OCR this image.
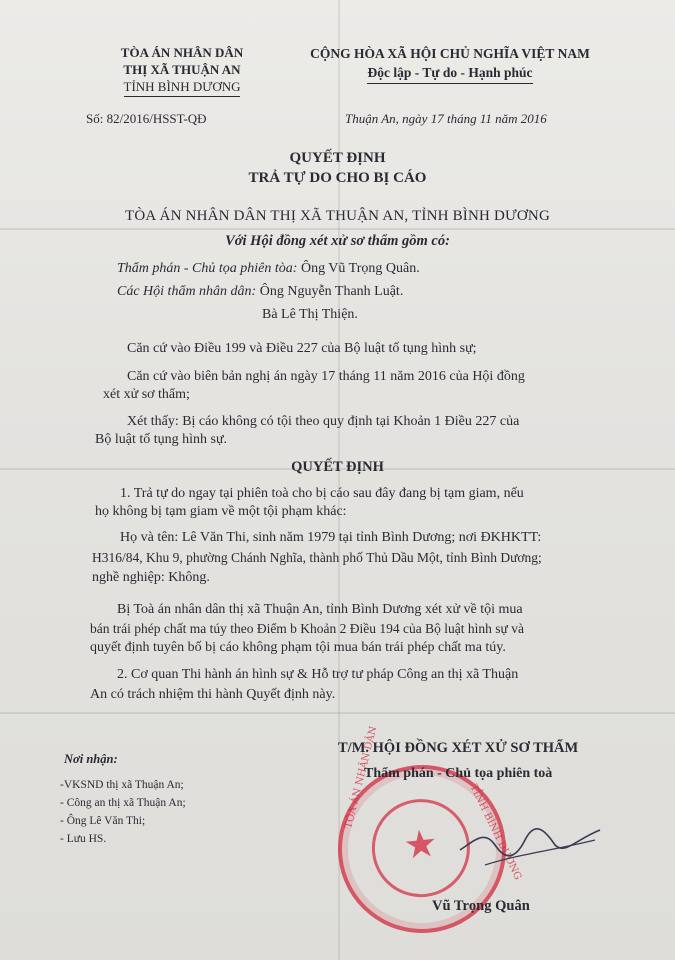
TÒA ÁN NHÂN DÂN
THỊ XÃ THUẬN AN
TỈNH BÌNH DƯƠNG
CỘNG HÒA XÃ HỘI CHỦ NGHĨA VIỆT NAM
Độc lập - Tự do - Hạnh phúc
Số: 82/2016/HSST-QĐ	Thuận An, ngày 17 tháng 11 năm 2016
QUYẾT ĐỊNH
TRẢ TỰ DO CHO BỊ CÁO
TÒA ÁN NHÂN DÂN THỊ XÃ THUẬN AN, TỈNH BÌNH DƯƠNG
Với Hội đồng xét xử sơ thẩm gồm có:
Thẩm phán - Chủ tọa phiên tòa: Ông Vũ Trọng Quân.
Các Hội thẩm nhân dân: Ông Nguyễn Thanh Luật.
Bà Lê Thị Thiện.
Căn cứ vào Điều 199 và Điều 227 của Bộ luật tố tụng hình sự;
Căn cứ vào biên bản nghị án ngày 17 tháng 11 năm 2016 của Hội đồng
xét xử sơ thẩm;
Xét thấy: Bị cáo không có tội theo quy định tại Khoản 1 Điều 227 của
Bộ luật tố tụng hình sự.
QUYẾT ĐỊNH
1. Trả tự do ngay tại phiên toà cho bị cáo sau đây đang bị tạm giam, nếu
họ không bị tạm giam về một tội phạm khác:
Họ và tên: Lê Văn Thi, sinh năm 1979 tại tỉnh Bình Dương; nơi ĐKHKTT:
H316/84, Khu 9, phường Chánh Nghĩa, thành phố Thủ Dầu Một, tỉnh Bình Dương;
nghề nghiệp: Không.
Bị Toà án nhân dân thị xã Thuận An, tỉnh Bình Dương xét xử về tội mua
bán trái phép chất ma túy theo Điểm b Khoản 2 Điều 194 của Bộ luật hình sự và
quyết định tuyên bố bị cáo không phạm tội mua bán trái phép chất ma túy.
2. Cơ quan Thi hành án hình sự & Hỗ trợ tư pháp Công an thị xã Thuận
An có trách nhiệm thi hành Quyết định này.
Nơi nhận:
-VKSND thị xã Thuận An;
- Công an thị xã Thuận An;
- Ông Lê Văn Thi;
- Lưu HS.
TÒA ÁN NHÂN DÂN
TỈNH BÌNH DƯƠNG
★
T/M. HỘI ĐỒNG XÉT XỬ SƠ THẨM
Thẩm phán - Chủ tọa phiên toà
Vũ Trọng Quân
